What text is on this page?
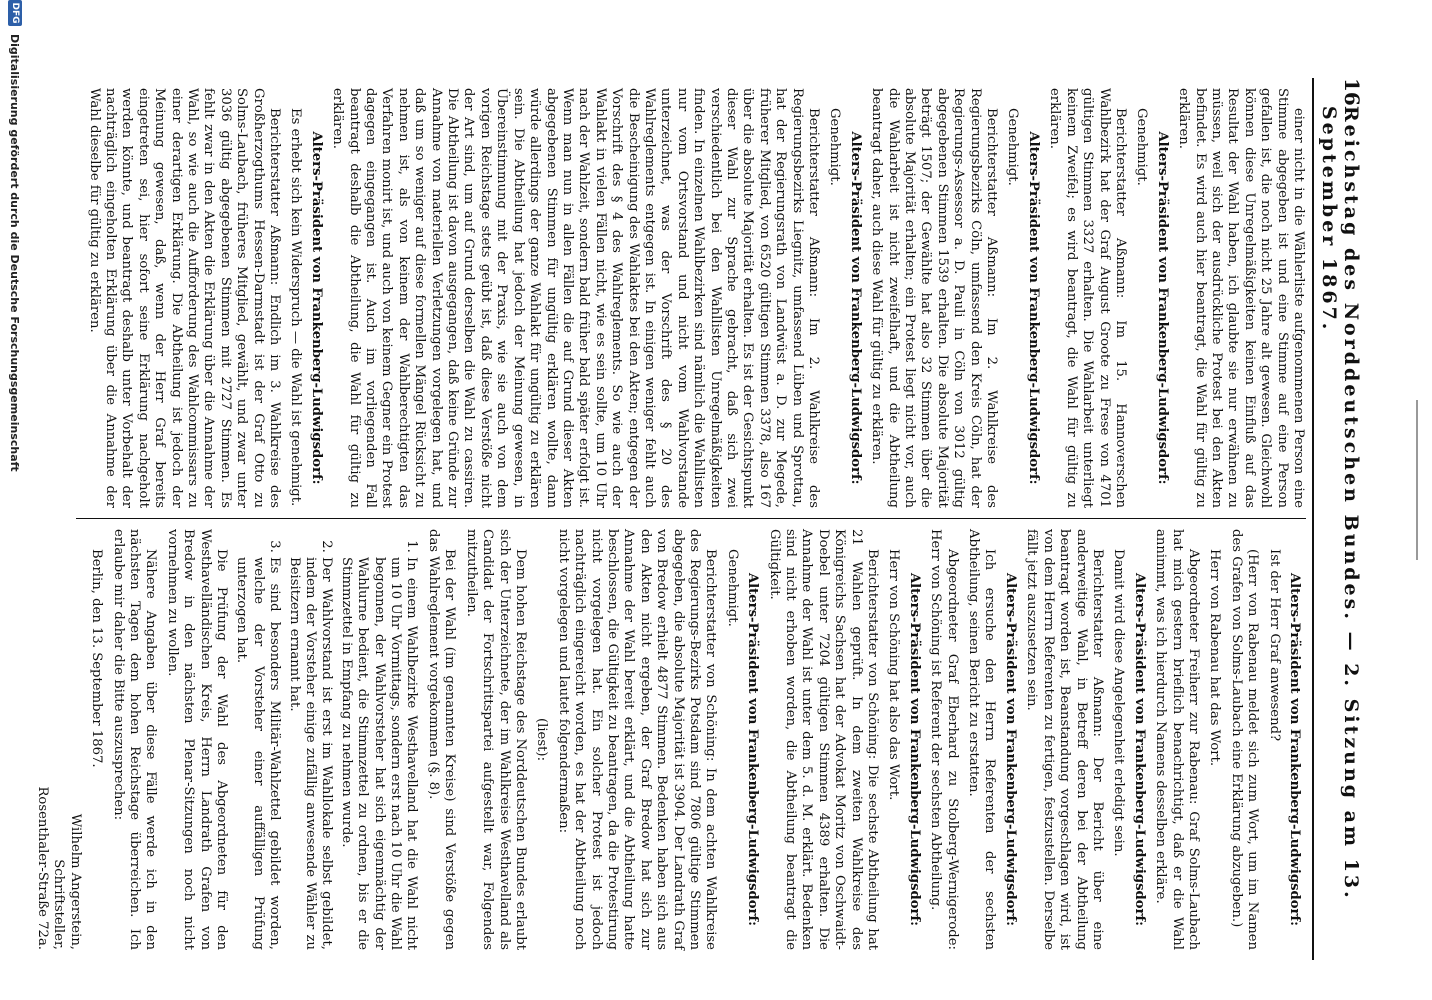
16
Reichstag des Norddeutschen Bundes. — 2. Sitzung am 13. September 1867.

einer nicht in die Wählerliste aufgenommenen Person eine Stimme abgegeben ist und eine Stimme auf eine Person gefallen ist, die noch nicht 25 Jahre alt gewesen. Gleichwohl können diese Unregelmäßigkeiten keinen Einfluß auf das Resultat der Wahl haben, ich glaubte sie nur erwähnen zu müssen, weil sich der ausdrückliche Protest bei den Akten befindet. Es wird auch hier beantragt, die Wahl für gültig zu erklären.

Alters-Präsident von Frankenberg-Ludwigsdorf:

Genehmigt.

Berichterstatter Aßmann: Im 15. Hannoverschen Wahlbezirk hat der Graf August Groote zu Frese von 4701 gültigen Stimmen 3327 erhalten. Die Wahlarbeit unterliegt keinem Zweifel; es wird beantragt, die Wahl für gültig zu erklären.

Alters-Präsident von Frankenberg-Ludwigsdorf:

Genehmigt.

Berichterstatter Aßmann: Im 2. Wahlkreise des Regierungsbezirks Cöln, umfassend den Kreis Cöln, hat der Regierungs-Assessor a. D. Pauli in Cöln von 3012 gültig abgegebenen Stimmen 1539 erhalten. Die absolute Majorität beträgt 1507; der Gewählte hat also 32 Stimmen über die absolute Majorität erhalten; ein Protest liegt nicht vor, auch die Wahlarbeit ist nicht zweifelhaft, und die Abtheilung beantragt daher, auch diese Wahl für gültig zu erklären.

Alters-Präsident von Frankenberg-Ludwigsdorf:

Genehmigt.

Berichterstatter Aßmann: Im 2. Wahlkreise des Regierungsbezirks Liegnitz, umfassend Lüben und Sprottau, hat der Regierungsrath von Landwüst a. D. zur Megede, früherer Mitglied, von 6520 gültigen Stimmen 3378, also 167 über die absolute Majorität erhalten. Es ist der Gesichtspunkt dieser Wahl zur Sprache gebracht, daß sich zwei verschiedentlich bei den Wahllisten Unregelmäßigkeiten finden. In einzelnen Wahlbezirken sind nämlich die Wahllisten nur vom Ortsvorstand und nicht vom Wahlvorstande unterzeichnet, was der Vorschrift des § 20 des Wahlreglements entgegen ist. In einigen weniger fehlt auch die Bescheinigung des Wahlaktes bei den Akten; entgegen der Vorschrift des § 4 des Wahlreglements. So wie auch der Wahlakt in vielen Fällen nicht, wie es sein sollte, um 10 Uhr nach der Wahlzeit, sondern bald früher bald später erfolgt ist. Wenn man nun in allen Fällen die auf Grund dieser Akten abgegebenen Stimmen für ungültig erklären wollte, dann würde allerdings der ganze Wahlakt für ungültig zu erklären sein. Die Abtheilung hat jedoch der Meinung gewesen, in Übereinstimmung mit der Praxis, wie sie auch von dem vorigen Reichstage stets geübt ist, daß diese Verstöße nicht der Art sind, um auf Grund derselben die Wahl zu cassiren. Die Abtheilung ist davon ausgegangen, daß keine Gründe zur Annahme von materiellen Verletzungen vorgelegen hat, und daß um so weniger auf diese formellen Mängel Rücksicht zu nehmen ist, als von keinem der Wahlberechtigten das Verfahren monirt ist, und auch von keinem Gegner ein Protest dagegen eingegangen ist. Auch im vorliegenden Fall beantragt deshalb die Abtheilung, die Wahl für gültig zu erklären.

Alters-Präsident von Frankenberg-Ludwigsdorf:

Es erhebt sich kein Widerspruch — die Wahl ist genehmigt.

Berichterstatter Aßmann: Endlich im 3. Wahlkreise des Großherzogthums Hessen-Darmstadt ist der Graf Otto zu Solms-Laubach, früheres Mitglied, gewählt, und zwar unter 3036 gültig abgegebenen Stimmen mit 2727 Stimmen. Es fehlt zwar in den Akten die Erklärung über die Annahme der Wahl, so wie auch die Aufforderung des Wahlcommissars zu einer derartigen Erklärung. Die Abtheilung ist jedoch der Meinung gewesen, daß, wenn der Herr Graf bereits eingetreten sei, hier sofort seine Erklärung nachgeholt werden könnte, und beantragt deshalb unter Vorbehalt der nachträglich eingeholten Erklärung über die Annahme der Wahl dieselbe für gültig zu erklären.

Alters-Präsident von Frankenberg-Ludwigsdorf:

Ist der Herr Graf anwesend?

(Herr von Rabenau meldet sich zum Wort, um im Namen des Grafen von Solms-Laubach eine Erklärung abzugeben.)

Herr von Rabenau hat das Wort.

Abgeordneter Freiherr zur Rabenau: Graf Solms-Laubach hat mich gestern brieflich benachrichtigt, daß er die Wahl annimmt, was ich hierdurch Namens desselben erkläre.

Alters-Präsident von Frankenberg-Ludwigsdorf:

Damit wird diese Angelegenheit erledigt sein.

Berichterstatter Aßmann: Der Bericht über eine anderweitige Wahl, in Betreff deren bei der Abtheilung beantragt worden ist, Beanstandung vorgeschlagen wird, ist von dem Herrn Referenten zu fertigen, festzustellen. Derselbe fällt jetzt auszusetzen sein.

Alters-Präsident von Frankenberg-Ludwigsdorf:

Ich ersuche den Herrn Referenten der sechsten Abtheilung, seinen Bericht zu erstatten.

Abgeordneter Graf Eberhard zu Stolberg-Wernigerode: Herr von Schöning ist Referent der sechsten Abtheilung.

Alters-Präsident von Frankenberg-Ludwigsdorf:

Herr von Schöning hat also das Wort.

Berichterstatter von Schöning: Die sechste Abtheilung hat 21 Wahlen geprüft. In dem zweiten Wahlkreise des Königreichs Sachsen hat der Advokat Moritz von Oschwaidt-Doebel unter 7204 gültigen Stimmen 4389 erhalten. Die Annahme der Wahl ist unter dem 5. d. M. erklärt. Bedenken sind nicht erhoben worden, die Abtheilung beantragt die Gültigkeit.

Alters-Präsident von Frankenberg-Ludwigsdorf:

Genehmigt.

Berichterstatter von Schöning: In dem achten Wahlkreise des Regierungs-Bezirks Potsdam sind 7806 gültige Stimmen abgegeben, die absolute Majorität ist 3904. Der Landrath Graf von Bredow erhielt 4877 Stimmen. Bedenken haben sich aus den Akten nicht ergeben, der Graf Bredow hat sich zur Annahme der Wahl bereit erklärt, und die Abtheilung hatte beschlossen, die Gültigkeit zu beantragen, da die Protestirung nicht vorgelegen hat. Ein solcher Protest ist jedoch nachträglich eingereicht worden, es hat der Abtheilung noch nicht vorgelegen und lautet folgendermaßen:

(liest):

Dem hohen Reichstage des Norddeutschen Bundes erlaubt sich der Unterzeichnete, der im Wahlkreise Westhavelland als Candidat der Fortschrittspartei aufgestellt war, Folgendes mitzutheilen.

Bei der Wahl (im genannten Kreise) sind Verstöße gegen das Wahlreglement vorgekommen (§. 8).

1. In einem Wahlbezirke Westhavelland hat die Wahl nicht um 10 Uhr Vormittags, sondern erst nach 10 Uhr die Wahl begonnen, der Wahlvorsteher hat sich eigenmächtig der Wahlurne bedient, die Stimmzettel zu ordnen, bis er die Stimmzettel in Empfang zu nehmen wurde.
2. Der Wahlvorstand ist erst im Wahllokale selbst gebildet, indem der Vorsteher einige zufällig anwesende Wähler zu Beisitzern ernannt hat.
3. Es sind besonders Militär-Wahlzettel gebildet worden, welche der Vorsteher einer auffälligen Prüfung unterzogen hat.

Die Prüfung der Wahl des Abgeordneten für den Westhavelländischen Kreis, Herrn Landrath Grafen von Bredow in den nächsten Plenar-Sitzungen noch nicht vornehmen zu wollen.

Nähere Angaben über diese Fälle werde ich in den nächsten Tagen dem hohen Reichstage überreichen. Ich erlaube mir daher die Bitte auszusprechen:

Berlin, den 13. September 1867.

Wilhelm Angerstein,

Schriftsteller,

Rosenthaler-Straße 72a.

DFG
Digitalisierung gefördert durch die Deutsche Forschungsgemeinschaft
